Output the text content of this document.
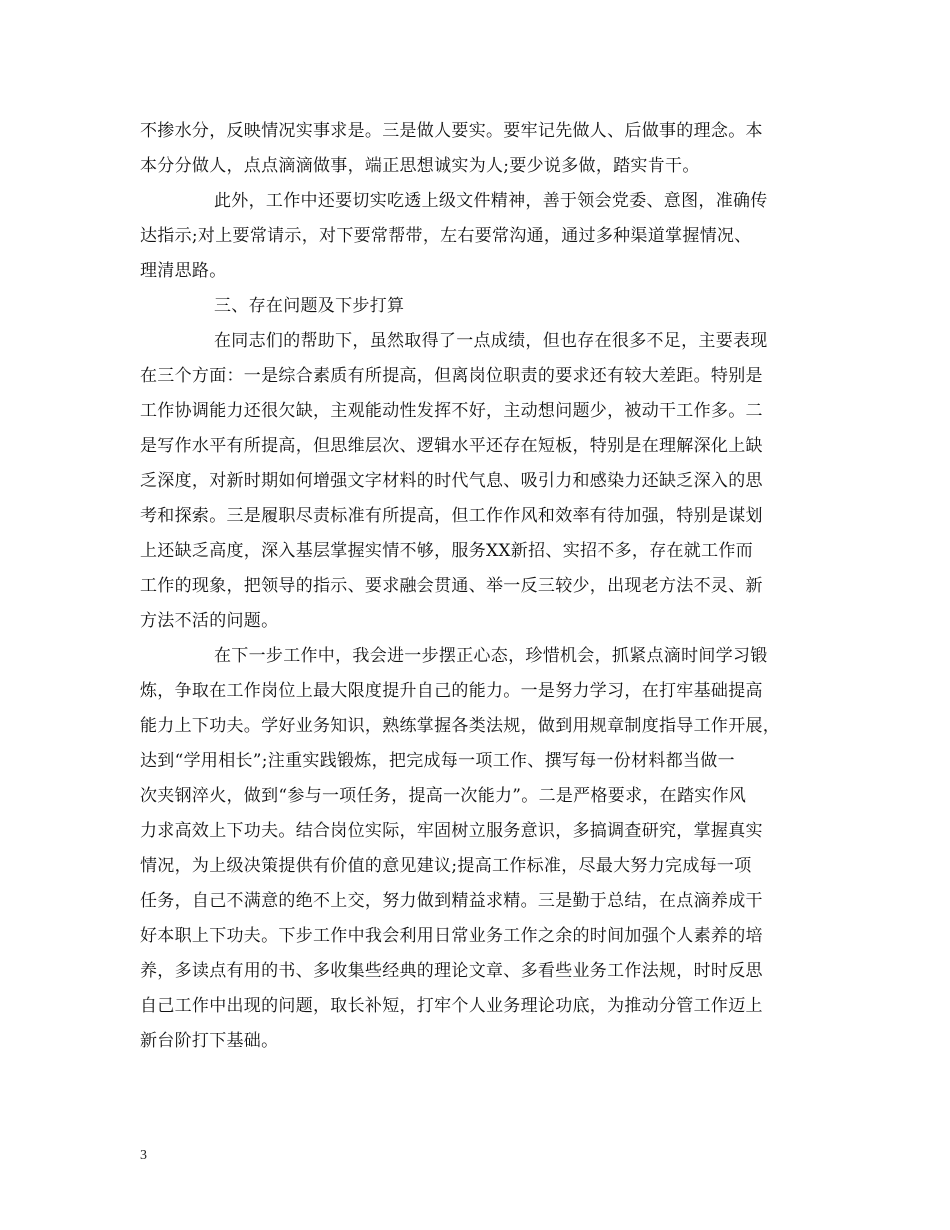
不掺水分，反映情况实事求是。三是做人要实。要牢记先做人、后做事的理念。本
本分分做人，点点滴滴做事，端正思想诚实为人;要少说多做，踏实肯干。
此外，工作中还要切实吃透上级文件精神，善于领会党委、意图，准确传
达指示;对上要常请示，对下要常帮带，左右要常沟通，通过多种渠道掌握情况、
理清思路。
三、存在问题及下步打算
在同志们的帮助下，虽然取得了一点成绩，但也存在很多不足，主要表现
在三个方面：一是综合素质有所提高，但离岗位职责的要求还有较大差距。特别是
工作协调能力还很欠缺，主观能动性发挥不好，主动想问题少，被动干工作多。二
是写作水平有所提高，但思维层次、逻辑水平还存在短板，特别是在理解深化上缺
乏深度，对新时期如何增强文字材料的时代气息、吸引力和感染力还缺乏深入的思
考和探索。三是履职尽责标准有所提高，但工作作风和效率有待加强，特别是谋划
上还缺乏高度，深入基层掌握实情不够，服务XX新招、实招不多，存在就工作而
工作的现象，把领导的指示、要求融会贯通、举一反三较少，出现老方法不灵、新
方法不活的问题。
在下一步工作中，我会进一步摆正心态，珍惜机会，抓紧点滴时间学习锻
炼，争取在工作岗位上最大限度提升自己的能力。一是努力学习，在打牢基础提高
能力上下功夫。学好业务知识，熟练掌握各类法规，做到用规章制度指导工作开展，
达到“学用相长”;注重实践锻炼，把完成每一项工作、撰写每一份材料都当做一
次夹钢淬火，做到“参与一项任务，提高一次能力”。二是严格要求，在踏实作风
力求高效上下功夫。结合岗位实际，牢固树立服务意识，多搞调查研究，掌握真实
情况，为上级决策提供有价值的意见建议;提高工作标准，尽最大努力完成每一项
任务，自己不满意的绝不上交，努力做到精益求精。三是勤于总结，在点滴养成干
好本职上下功夫。下步工作中我会利用日常业务工作之余的时间加强个人素养的培
养，多读点有用的书、多收集些经典的理论文章、多看些业务工作法规，时时反思
自己工作中出现的问题，取长补短，打牢个人业务理论功底，为推动分管工作迈上
新台阶打下基础。
3
